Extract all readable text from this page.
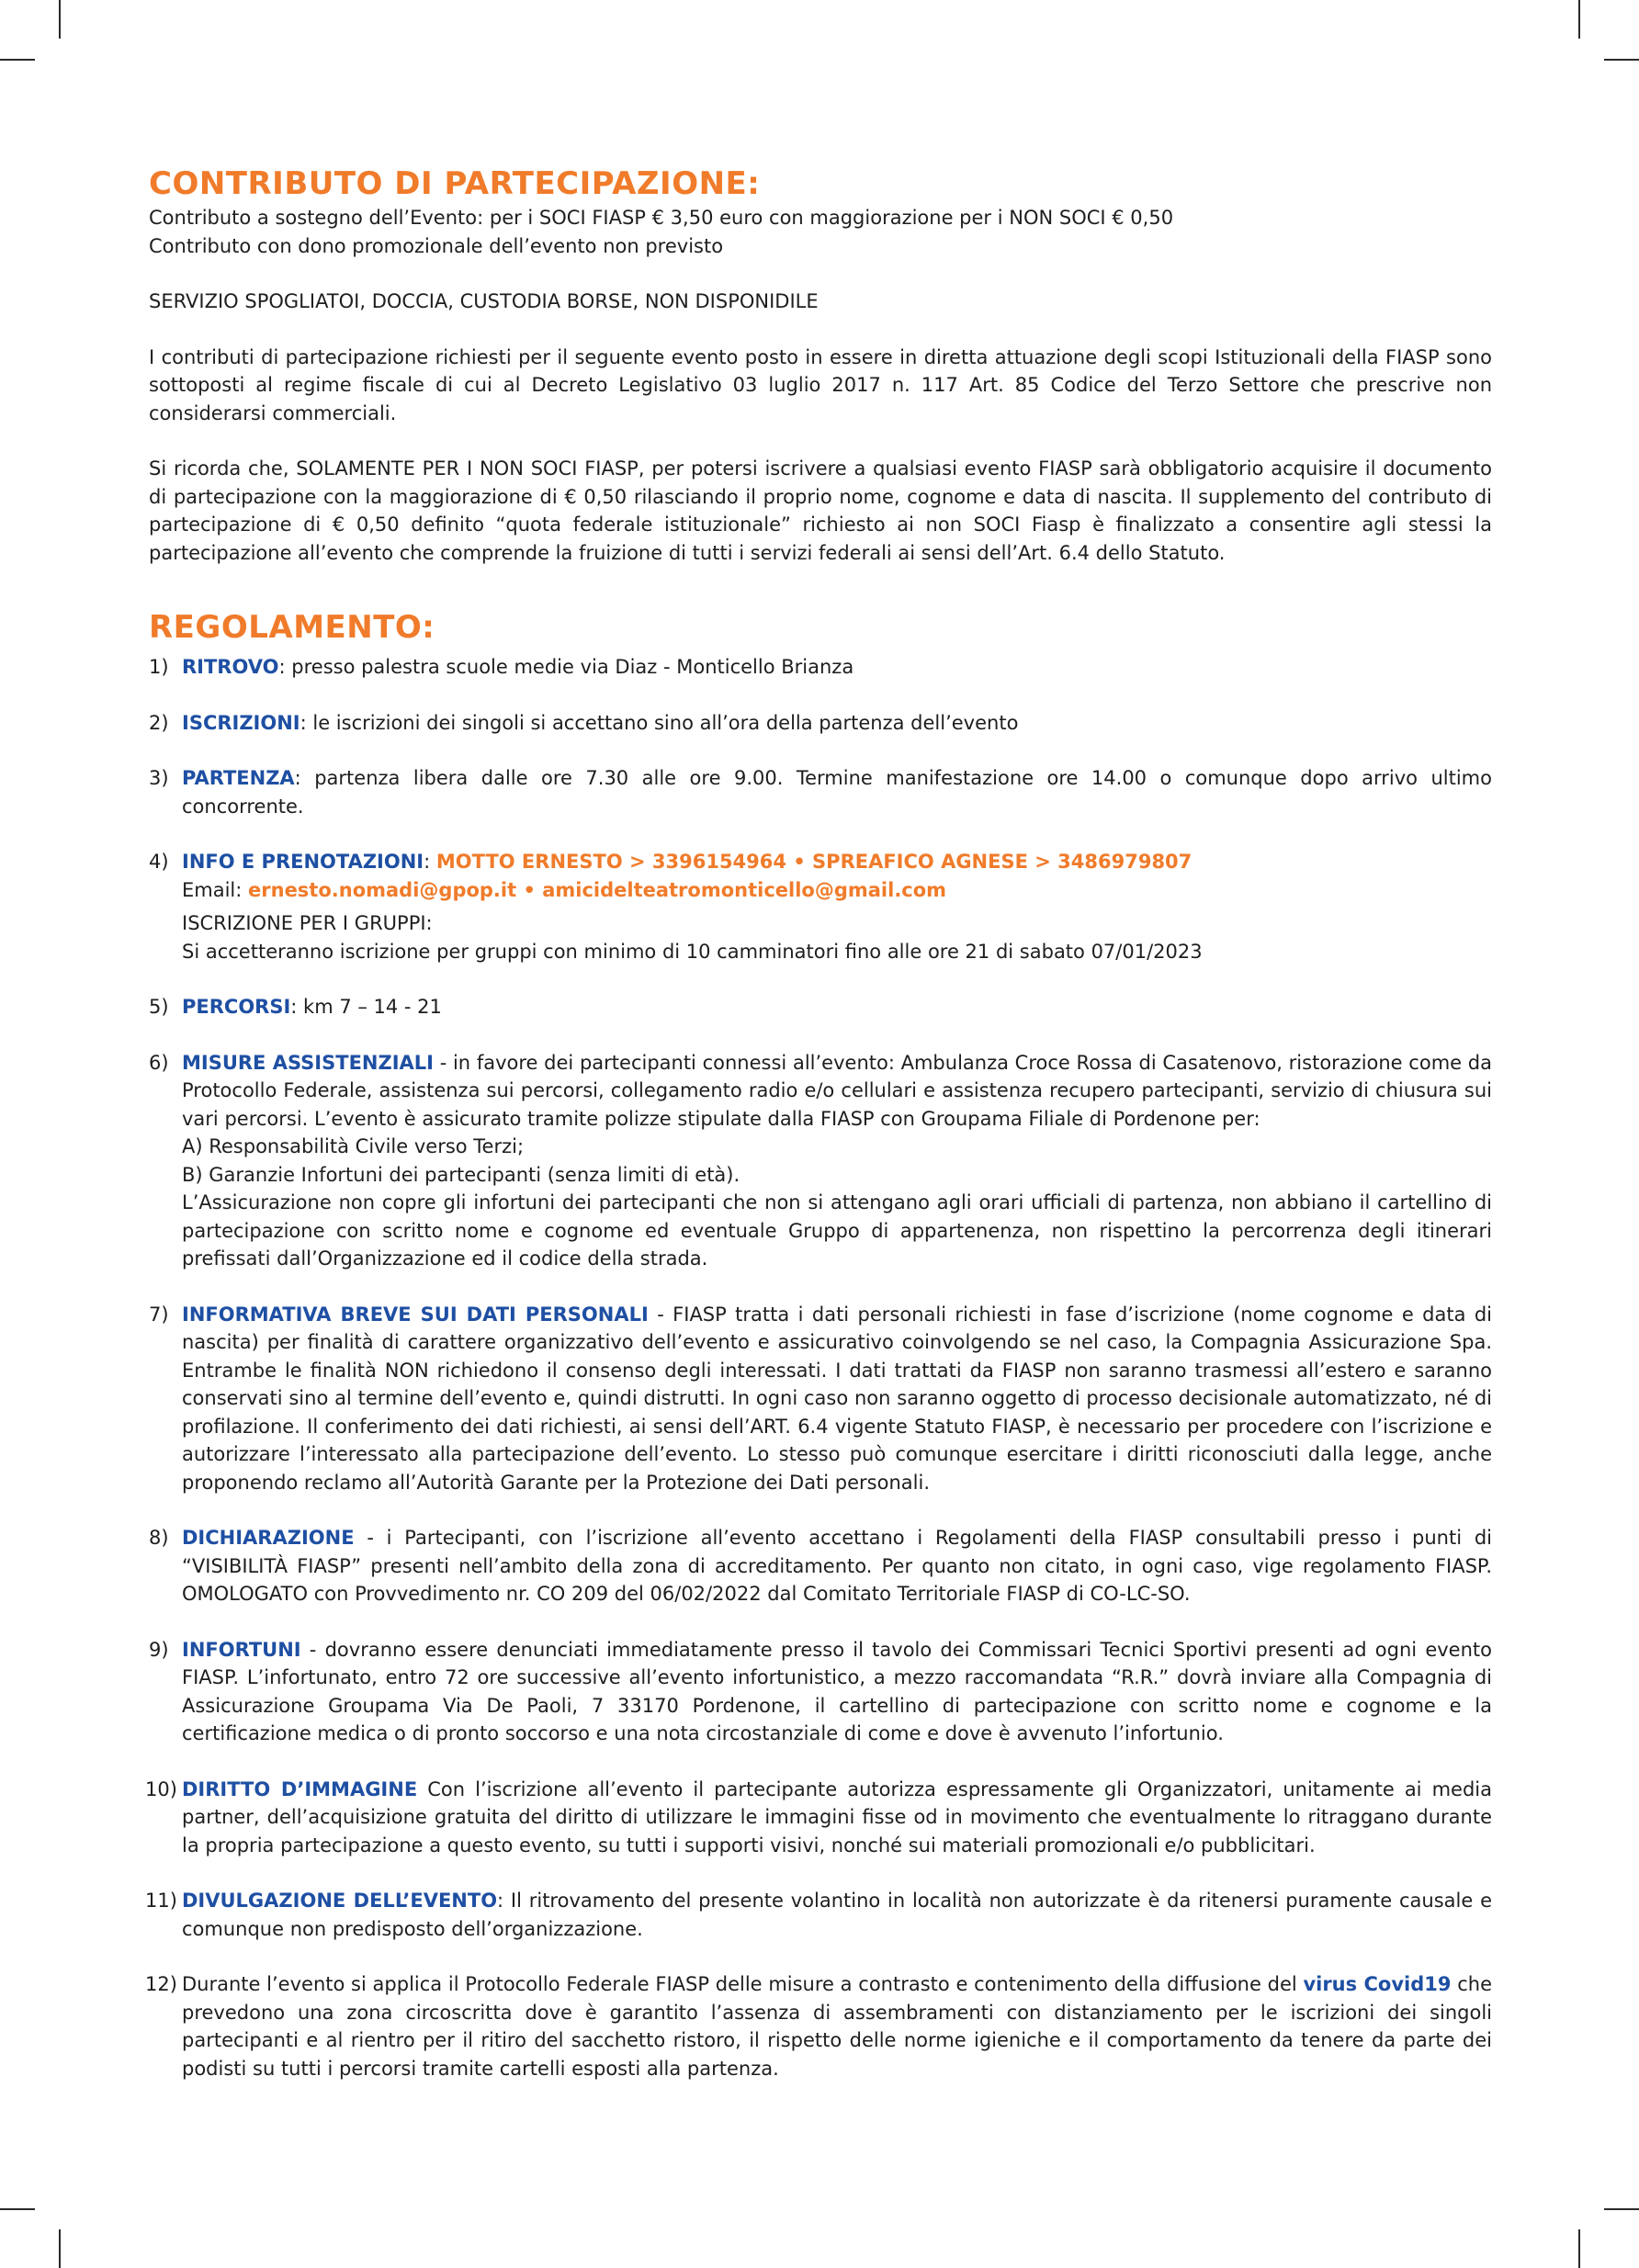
CONTRIBUTO DI PARTECIPAZIONE:

Contributo a sostegno dell’Evento: per i SOCI FIASP € 3,50 euro con maggiorazione per i NON SOCI € 0,50

Contributo con dono promozionale dell’evento non previsto

SERVIZIO SPOGLIATOI, DOCCIA, CUSTODIA BORSE, NON DISPONIDILE

I contributi di partecipazione richiesti per il seguente evento posto in essere in diretta attuazione degli scopi Istituzionali della FIASP sono sottoposti al regime fiscale di cui al Decreto Legislativo 03 luglio 2017 n. 117 Art. 85 Codice del Terzo Settore che prescrive non considerarsi commerciali.

Si ricorda che, SOLAMENTE PER I NON SOCI FIASP, per potersi iscrivere a qualsiasi evento FIASP sarà obbligatorio acquisire il documento di partecipazione con la maggiorazione di € 0,50 rilasciando il proprio nome, cognome e data di nascita. Il supplemento del contributo di partecipazione di € 0,50 definito “quota federale istituzionale” richiesto ai non SOCI Fiasp è finalizzato a consentire agli stessi la partecipazione all’evento che comprende la fruizione di tutti i servizi federali ai sensi dell’Art. 6.4 dello Statuto.

REGOLAMENTO:
1) RITROVO: presso palestra scuole medie via Diaz - Monticello Brianza
2) ISCRIZIONI: le iscrizioni dei singoli si accettano sino all’ora della partenza dell’evento
3) PARTENZA: partenza libera dalle ore 7.30 alle ore 9.00. Termine manifestazione ore 14.00 o comunque dopo arrivo ultimo concorrente.
4) INFO E PRENOTAZIONI: MOTTO ERNESTO > 3396154964 • SPREAFICO AGNESE > 3486979807
Email: ernesto.nomadi@gpop.it • amicidelteatromonticello@gmail.com
ISCRIZIONE PER I GRUPPI:
Si accetteranno iscrizione per gruppi con minimo di 10 camminatori fino alle ore 21 di sabato 07/01/2023
5) PERCORSI: km 7 – 14 - 21
6) MISURE ASSISTENZIALI - in favore dei partecipanti connessi all’evento: Ambulanza Croce Rossa di Casatenovo, ristorazione come da Protocollo Federale, assistenza sui percorsi, collegamento radio e/o cellulari e assistenza recupero partecipanti, servizio di chiusura sui vari percorsi. L’evento è assicurato tramite polizze stipulate dalla FIASP con Groupama Filiale di Pordenone per:
A) Responsabilità Civile verso Terzi;
B) Garanzie Infortuni dei partecipanti (senza limiti di età).
L’Assicurazione non copre gli infortuni dei partecipanti che non si attengano agli orari ufficiali di partenza, non abbiano il cartellino di partecipazione con scritto nome e cognome ed eventuale Gruppo di appartenenza, non rispettino la percorrenza degli itinerari prefissati dall’Organizzazione ed il codice della strada.
7) INFORMATIVA BREVE SUI DATI PERSONALI - FIASP tratta i dati personali richiesti in fase d’iscrizione (nome cognome e data di nascita) per finalità di carattere organizzativo dell’evento e assicurativo coinvolgendo se nel caso, la Compagnia Assicurazione Spa. Entrambe le finalità NON richiedono il consenso degli interessati. I dati trattati da FIASP non saranno trasmessi all’estero e saranno conservati sino al termine dell’evento e, quindi distrutti. In ogni caso non saranno oggetto di processo decisionale automatizzato, né di profilazione. Il conferimento dei dati richiesti, ai sensi dell’ART. 6.4 vigente Statuto FIASP, è necessario per procedere con l’iscrizione e autorizzare l’interessato alla partecipazione dell’evento. Lo stesso può comunque esercitare i diritti riconosciuti dalla legge, anche proponendo reclamo all’Autorità Garante per la Protezione dei Dati personali.
8) DICHIARAZIONE - i Partecipanti, con l’iscrizione all’evento accettano i Regolamenti della FIASP consultabili presso i punti di “VISIBILITÀ FIASP” presenti nell’ambito della zona di accreditamento. Per quanto non citato, in ogni caso, vige regolamento FIASP. OMOLOGATO con Provvedimento nr. CO 209 del 06/02/2022 dal Comitato Territoriale FIASP di CO-LC-SO.
9) INFORTUNI - dovranno essere denunciati immediatamente presso il tavolo dei Commissari Tecnici Sportivi presenti ad ogni evento FIASP. L’infortunato, entro 72 ore successive all’evento infortunistico, a mezzo raccomandata “R.R.” dovrà inviare alla Compagnia di Assicurazione Groupama Via De Paoli, 7 33170 Pordenone, il cartellino di partecipazione con scritto nome e cognome e la certificazione medica o di pronto soccorso e una nota circostanziale di come e dove è avvenuto l’infortunio.
10) DIRITTO D’IMMAGINE Con l’iscrizione all’evento il partecipante autorizza espressamente gli Organizzatori, unitamente ai media partner, dell’acquisizione gratuita del diritto di utilizzare le immagini fisse od in movimento che eventualmente lo ritraggano durante la propria partecipazione a questo evento, su tutti i supporti visivi, nonché sui materiali promozionali e/o pubblicitari.
11) DIVULGAZIONE DELL’EVENTO: Il ritrovamento del presente volantino in località non autorizzate è da ritenersi puramente causale e comunque non predisposto dell’organizzazione.
12) Durante l’evento si applica il Protocollo Federale FIASP delle misure a contrasto e contenimento della diffusione del virus Covid19 che prevedono una zona circoscritta dove è garantito l’assenza di assembramenti con distanziamento per le iscrizioni dei singoli partecipanti e al rientro per il ritiro del sacchetto ristoro, il rispetto delle norme igieniche e il comportamento da tenere da parte dei podisti su tutti i percorsi tramite cartelli esposti alla partenza.
